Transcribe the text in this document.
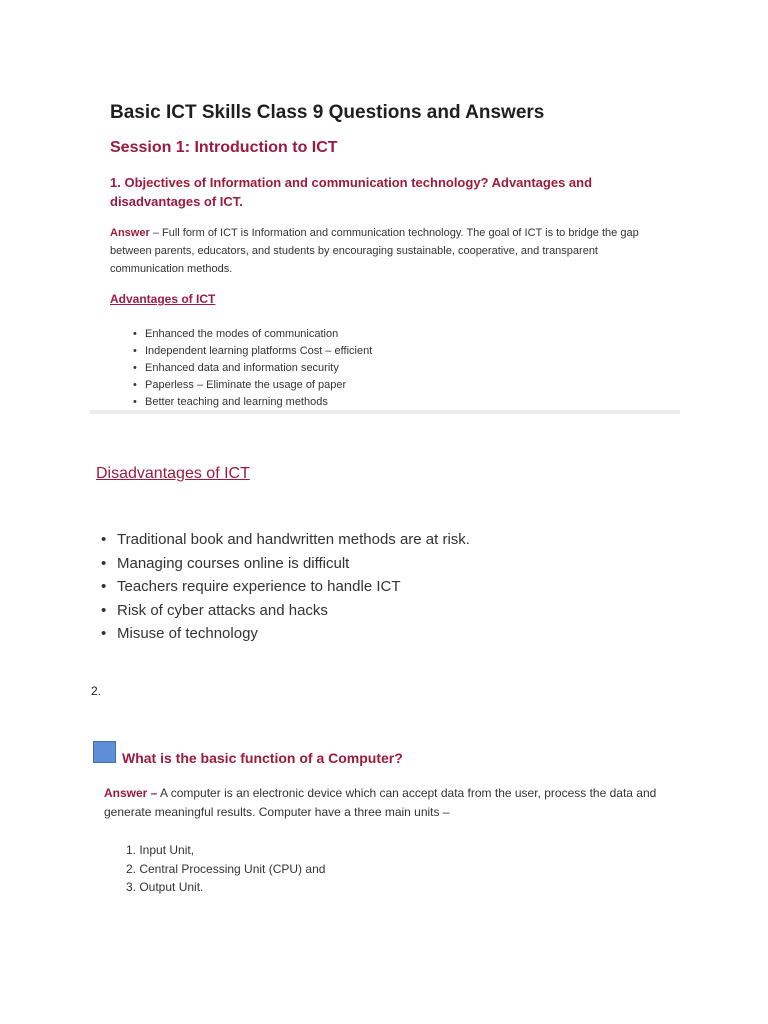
Basic ICT Skills Class 9 Questions and Answers
Session 1: Introduction to ICT
1. Objectives of Information and communication technology? Advantages and disadvantages of ICT.
Answer – Full form of ICT is Information and communication technology. The goal of ICT is to bridge the gap between parents, educators, and students by encouraging sustainable, cooperative, and transparent communication methods.
Advantages of ICT
• Enhanced the modes of communication
• Independent learning platforms Cost – efficient
• Enhanced data and information security
• Paperless – Eliminate the usage of paper
• Better teaching and learning methods
Disadvantages of ICT
• Traditional book and handwritten methods are at risk.
• Managing courses online is difficult
• Teachers require experience to handle ICT
• Risk of cyber attacks and hacks
• Misuse of technology
2.
What is the basic function of a Computer?
Answer – A computer is an electronic device which can accept data from the user, process the data and generate meaningful results. Computer have a three main units –
1. Input Unit,
2. Central Processing Unit (CPU) and
3. Output Unit.
